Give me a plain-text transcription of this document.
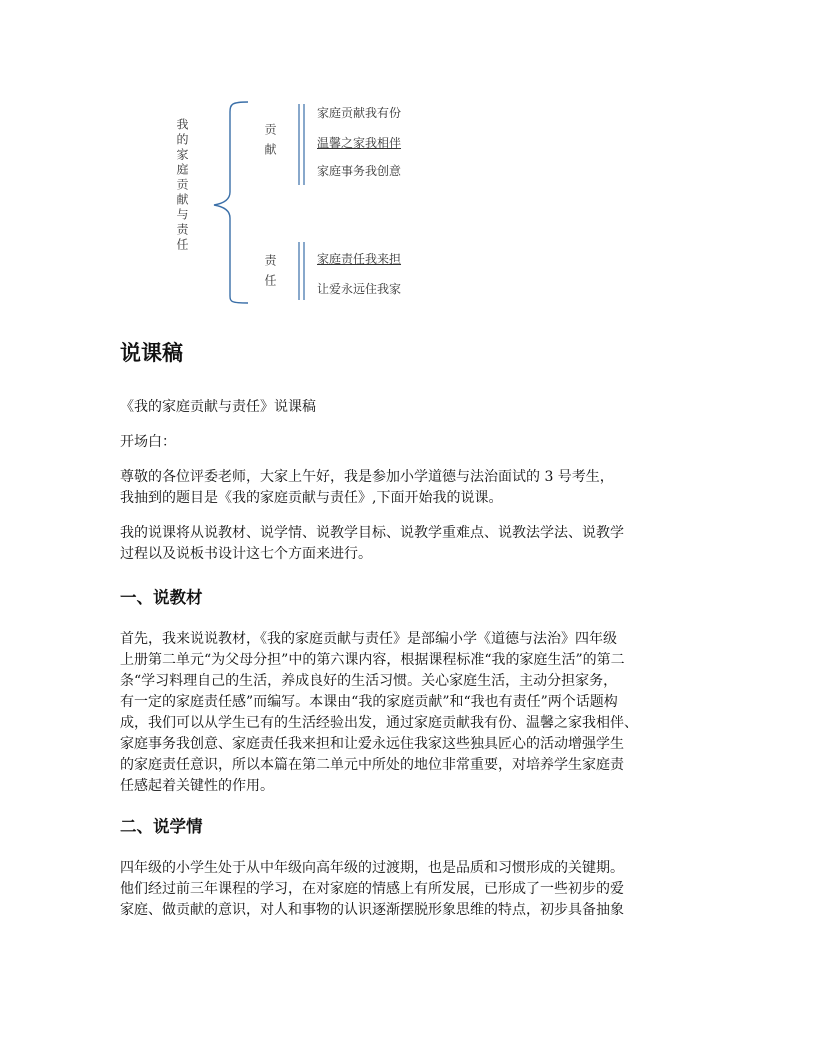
我的家庭贡献与责任	贡献
责任
家庭贡献我有份
温馨之家我相伴
家庭事务我创意
家庭责任我来担
让爱永远住我家
说课稿

《我的家庭贡献与责任》说课稿

开场白：

尊敬的各位评委老师，大家上午好，我是参加小学道德与法治面试的 3 号考生，
我抽到的题目是《我的家庭贡献与责任》,下面开始我的说课。

我的说课将从说教材、说学情、说教学目标、说教学重难点、说教法学法、说教学
过程以及说板书设计这七个方面来进行。

一、说教材

首先，我来说说教材，《我的家庭贡献与责任》是部编小学《道德与法治》四年级
上册第二单元“为父母分担”中的第六课内容，根据课程标准“我的家庭生活”的第二
条“学习料理自己的生活，养成良好的生活习惯。关心家庭生活，主动分担家务，
有一定的家庭责任感”而编写。本课由“我的家庭贡献”和“我也有责任”两个话题构
成，我们可以从学生已有的生活经验出发，通过家庭贡献我有份、温馨之家我相伴、
家庭事务我创意、家庭责任我来担和让爱永远住我家这些独具匠心的活动增强学生
的家庭责任意识，所以本篇在第二单元中所处的地位非常重要，对培养学生家庭责
任感起着关键性的作用。

二、说学情

四年级的小学生处于从中年级向高年级的过渡期，也是品质和习惯形成的关键期。
他们经过前三年课程的学习，在对家庭的情感上有所发展，已形成了一些初步的爱
家庭、做贡献的意识，对人和事物的认识逐渐摆脱形象思维的特点，初步具备抽象
